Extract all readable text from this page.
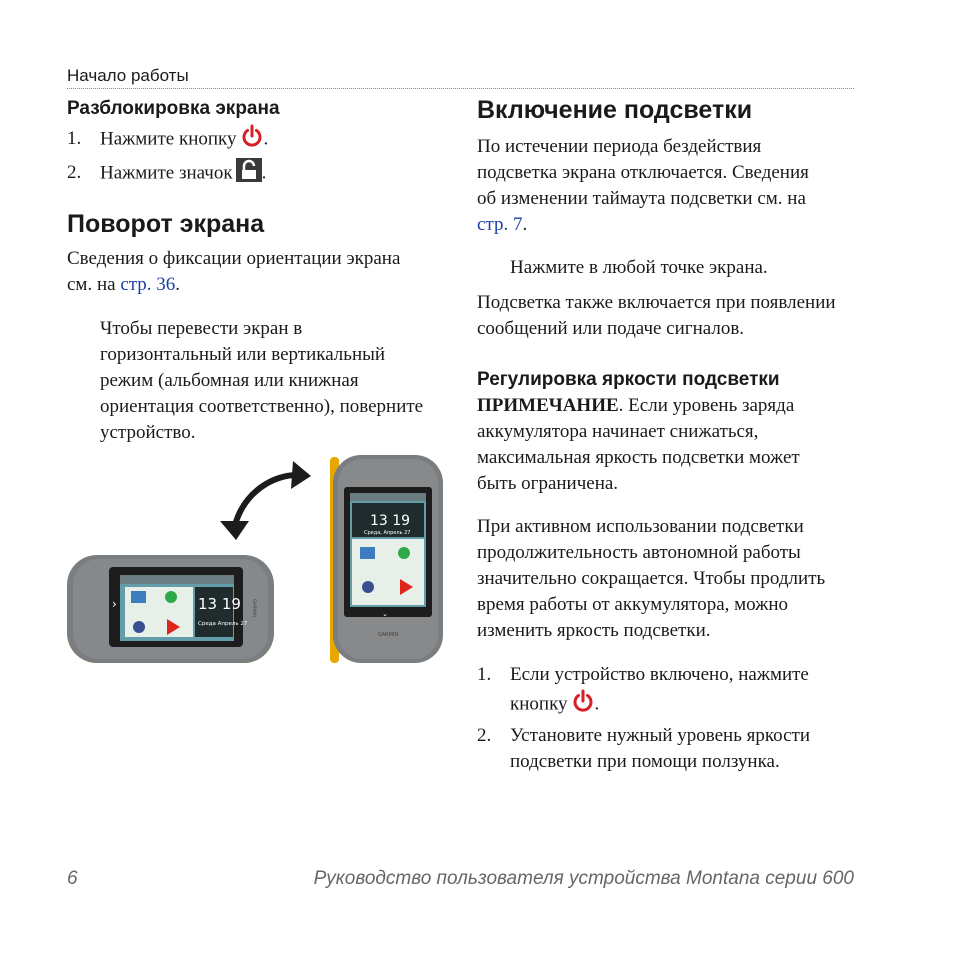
Начало работы
Разблокировка экрана
1. Нажмите кнопку .
2. Нажмите значок .
Поворот экрана
Сведения о фиксации ориентации экрана см. на стр. 36.
Чтобы перевести экран в
горизонтальный или вертикальный
режим (альбомная или книжная
ориентация соответственно), поверните
устройство.
13 19
Среда Апрель 27
›	GARMIN
13 19
Среда, Апрель 27
⌄
GARMIN
Включение подсветки
По истечении периода бездействия
подсветка экрана отключается. Сведения
об изменении таймаута подсветки см. на
стр. 7.
Нажмите в любой точке экрана.
Подсветка также включается при появлении
сообщений или подаче сигналов.
Регулировка яркости подсветки
ПРИМЕЧАНИЕ. Если уровень заряда
аккумулятора начинает снижаться,
максимальная яркость подсветки может
быть ограничена.
При активном использовании подсветки
продолжительность автономной работы
значительно сокращается. Чтобы продлить
время работы от аккумулятора, можно
изменить яркость подсветки.
1. Если устройство включено, нажмите
кнопку .
2. Установите нужный уровень яркости
подсветки при помощи ползунка.
6	Руководство пользователя устройства Montana серии 600
